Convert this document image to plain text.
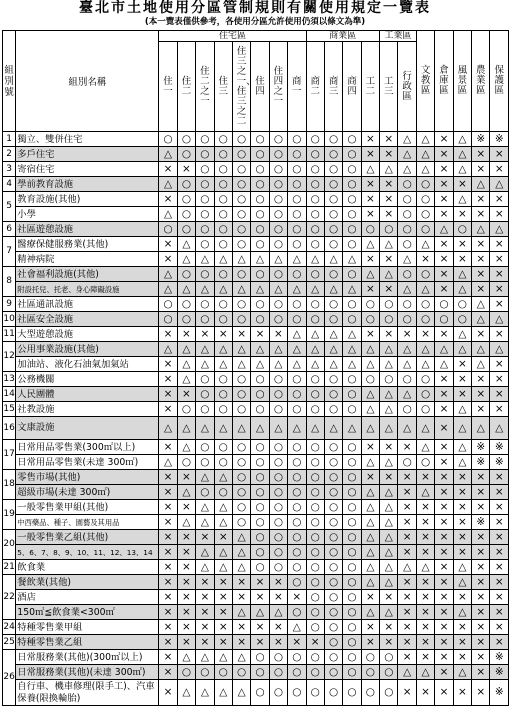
臺北市土地使用分區管制規則有關使用規定一覽表
(本一覽表僅供參考，各使用分區允許使用仍須以條文為準)
組別號	組別名稱	住宅區								商業區				工業區		文教區	倉庫區	風景區	農業區	保護區
		住一	住二	住二之一	住三	住三之一、住三之二	住四	住四之一	商一	商二	商三	商四	工二	工三	行政區					
1	獨立、雙併住宅	○	○	○	○	○	○	○	○	○	○	○	×	×	△	△	×	△	※	※
2	多戶住宅	△	○	○	○	○	○	○	○	○	○	○	×	×	△	△	×	△	×	×
3	寄宿住宅	×	×	○	○	○	○	○	○	○	○	○	△	△	△	△	×	△	×	×
4	學前教育設施	△	○	○	○	○	○	○	○	○	○	○	×	×	○	○	×	×	△	△
5	教育設施(其他)	×	○	○	○	○	○	○	○	○	○	○	×	×	○	○	×	△	×	×
	小學	△	○	○	○	○	○	○	○	○	○	○	×	×	○	○	×	×	×	×
6	社區遊憩設施	○	○	○	○	○	○	○	○	○	○	○	○	○	○	○	△	○	△	△
7	醫療保健服務業(其他)	×	△	○	○	○	○	○	○	○	○	○	△	△	○	△	×	×	×	×
	精神病院	×	△	△	△	△	△	△	△	△	△	△	×	×	△	×	×	×	×	×
8	社會福利設施(其他)	△	○	○	○	○	○	○	○	○	○	○	△	△	○	○	×	△	×	×
	附設托兒、托老、身心障礙設施	△	△	△	△	△	△	△	△	△	△	△	×	×	△	△	×	△	×	×
9	社區通訊設施	○	○	○	○	○	○	○	○	○	○	○	○	○	○	○	○	○	△	×
10	社區安全設施	○	○	○	○	○	○	○	○	○	○	○	○	○	○	○	○	○	△	△
11	大型遊憩設施	×	×	×	×	×	×	×	△	△	△	△	×	×	×	×	×	△	×	×
12	公用事業設施(其他)	△	△	△	△	△	△	△	△	△	△	△	△	△	△	△	△	△	△	△
	加油站、液化石油氣加氣站	×	△	△	△	△	△	△	△	△	△	△	△	△	△	△	△	×	△	×
13	公務機關	×	△	○	○	○	○	○	○	○	○	○	○	○	○	○	×	×	×	×
14	人民團體	×	×	○	○	○	○	○	○	○	○	○	△	△	△	○	×	×	×	×
15	社教設施	×	○	○	○	○	○	○	○	○	○	○	△	△	○	○	×	△	×	×
16	文康設施	△	△	△	△	△	△	△	△	△	△	△	△	△	△	△	×	△	△	△
17	日常用品零售業(300㎡以上)	×	△	○	○	○	○	○	○	○	○	○	×	×	×	△	×	△	※	※
	日常用品零售業(未達 300㎡)	△	○	○	○	○	○	○	○	○	○	○	△	△	○	○	×	△	※	※
18	零售市場(其他)	×	×	△	△	○	○	○	○	○	○	○	×	×	×	×	×	×	×	×
	超級市場(未達 300㎡)	×	△	○	○	○	○	○	○	○	○	○	△	△	×	△	×	×	×	×
19	一般零售業甲組(其他)	×	×	△	△	○	○	○	○	○	○	○	△	△	×	×	×	×	×	×
	中西藥品、種子、園藝及其用品	×	△	△	△	○	○	○	○	○	○	○	△	△	×	×	×	×	※	×
20	一般零售業乙組(其他)	×	×	×	×	△	○	○	○	○	○	○	△	△	×	×	×	×	×	×
	5、6、7、8、9、10、11、12、13、14	×	×	△	△	△	○	○	○	○	○	○	△	△	×	×	×	×	×	×
21	飲食業	×	×	△	△	△	○	○	○	○	○	○	△	△	△	△	×	△	×	×
22	餐飲業(其他)	×	×	×	×	×	×	×	○	○	○	○	△	△	×	×	×	△	×	×
	酒店	×	×	×	×	×	×	×	×	○	○	○	×	×	×	×	×	×	×	×
	150㎡≦飲食業<300㎡	×	×	×	×	△	△	△	○	○	○	○	△	△	×	×	×	△	×	×
24	特種零售業甲組	×	×	×	×	×	×	×	△	○	○	○	×	×	×	×	×	×	×	×
25	特種零售業乙組	×	×	×	×	×	×	×	×	×	○	○	×	×	×	×	×	×	×	×
26	日常服務業(其他)(300㎡以上)	×	△	△	△	△	○	○	○	○	○	○	○	○	×	×	×	×	×	※
	日常服務業(其他)(未達 300㎡)	×	○	○	○	○	○	○	○	○	○	○	○	○	△	△	×	△	×	※
	自行車、機車修理(限手工)、汽車保養(限換輪胎)	×	△	△	△	△	○	○	○	○	○	○	○	○	×	×	×	×	×	※
